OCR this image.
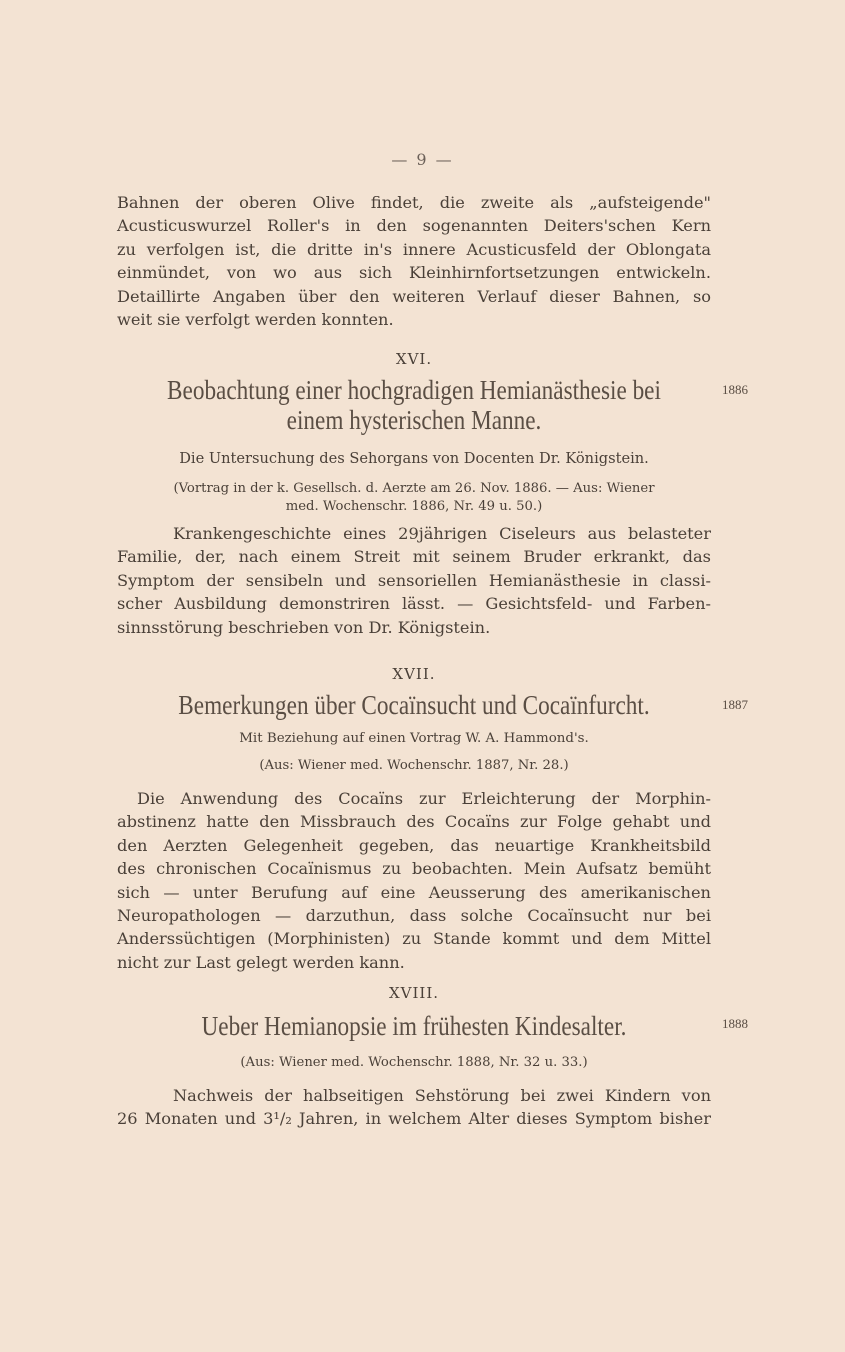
— 9 —
Bahnen der oberen Olive findet, die zweite als „aufsteigende"
Acusticuswurzel Roller's in den sogenannten Deiters'schen Kern
zu verfolgen ist, die dritte in's innere Acusticusfeld der Oblongata
einmündet, von wo aus sich Kleinhirnfortsetzungen entwickeln.
Detaillirte Angaben über den weiteren Verlauf dieser Bahnen, so
weit sie verfolgt werden konnten.
XVI.
1886
Beobachtung einer hochgradigen Hemianästhesie bei
einem hysterischen Manne.
Die Untersuchung des Sehorgans von Docenten Dr. Königstein.
(Vortrag in der k. Gesellsch. d. Aerzte am 26. Nov. 1886. — Aus: Wiener
med. Wochenschr. 1886, Nr. 49 u. 50.)
Krankengeschichte eines 29jährigen Ciseleurs aus belasteter
Familie, der, nach einem Streit mit seinem Bruder erkrankt, das
Symptom der sensibeln und sensoriellen Hemianästhesie in classi-
scher Ausbildung demonstriren lässt. — Gesichtsfeld- und Farben-
sinnsstörung beschrieben von Dr. Königstein.
XVII.
1887
Bemerkungen über Cocaïnsucht und Cocaïnfurcht.
Mit Beziehung auf einen Vortrag W. A. Hammond's.
(Aus: Wiener med. Wochenschr. 1887, Nr. 28.)
Die Anwendung des Cocaïns zur Erleichterung der Morphin-
abstinenz hatte den Missbrauch des Cocaïns zur Folge gehabt und
den Aerzten Gelegenheit gegeben, das neuartige Krankheitsbild
des chronischen Cocaïnismus zu beobachten. Mein Aufsatz bemüht
sich — unter Berufung auf eine Aeusserung des amerikanischen
Neuropathologen — darzuthun, dass solche Cocaïnsucht nur bei
Anderssüchtigen (Morphinisten) zu Stande kommt und dem Mittel
nicht zur Last gelegt werden kann.
XVIII.
1888
Ueber Hemianopsie im frühesten Kindesalter.
(Aus: Wiener med. Wochenschr. 1888, Nr. 32 u. 33.)
Nachweis der halbseitigen Sehstörung bei zwei Kindern von
26 Monaten und 3¹/₂ Jahren, in welchem Alter dieses Symptom bisher
